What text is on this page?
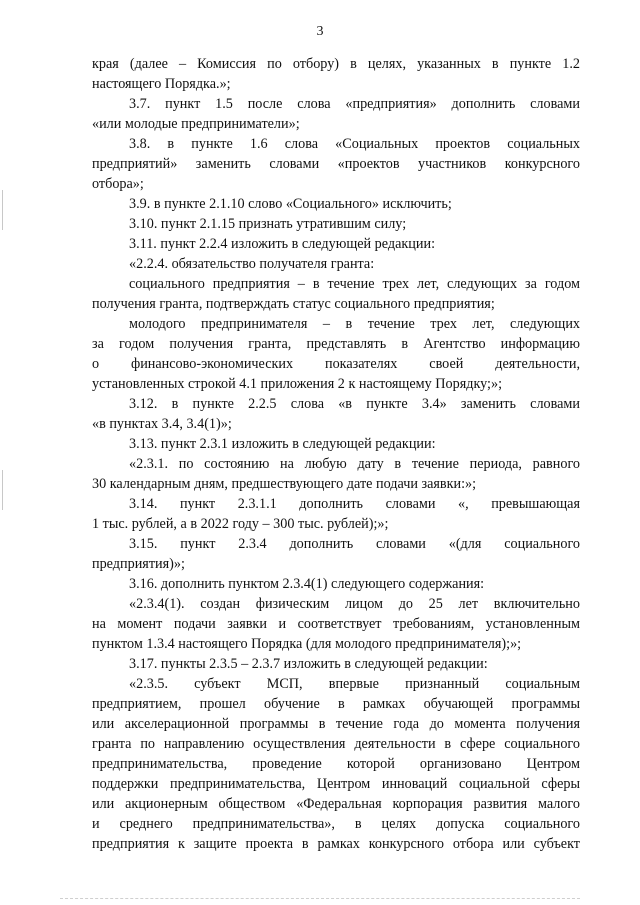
3
края (далее – Комиссия по отбору) в целях, указанных в пункте 1.2
настоящего Порядка.»;
3.7. пункт 1.5 после слова «предприятия» дополнить словами
«или молодые предприниматели»;
3.8. в пункте 1.6 слова «Социальных проектов социальных
предприятий» заменить словами «проектов участников конкурсного
отбора»;
3.9. в пункте 2.1.10 слово «Социального» исключить;
3.10. пункт 2.1.15 признать утратившим силу;
3.11. пункт 2.2.4 изложить в следующей редакции:
«2.2.4. обязательство получателя гранта:
социального предприятия – в течение трех лет, следующих за годом
получения гранта, подтверждать статус социального предприятия;
молодого предпринимателя – в течение трех лет, следующих
за годом получения гранта, представлять в Агентство информацию
о финансово-экономических показателях своей деятельности,
установленных строкой 4.1 приложения 2 к настоящему Порядку;»;
3.12. в пункте 2.2.5 слова «в пункте 3.4» заменить словами
«в пунктах 3.4, 3.4(1)»;
3.13. пункт 2.3.1 изложить в следующей редакции:
«2.3.1. по состоянию на любую дату в течение периода, равного
30 календарным дням, предшествующего дате подачи заявки:»;
3.14. пункт 2.3.1.1 дополнить словами «, превышающая
1 тыс. рублей, а в 2022 году – 300 тыс. рублей);»;
3.15. пункт 2.3.4 дополнить словами «(для социального
предприятия)»;
3.16. дополнить пунктом 2.3.4(1) следующего содержания:
«2.3.4(1). создан физическим лицом до 25 лет включительно
на момент подачи заявки и соответствует требованиям, установленным
пунктом 1.3.4 настоящего Порядка (для молодого предпринимателя);»;
3.17. пункты 2.3.5 – 2.3.7 изложить в следующей редакции:
«2.3.5. субъект МСП, впервые признанный социальным
предприятием, прошел обучение в рамках обучающей программы
или акселерационной программы в течение года до момента получения
гранта по направлению осуществления деятельности в сфере социального
предпринимательства, проведение которой организовано Центром
поддержки предпринимательства, Центром инноваций социальной сферы
или акционерным обществом «Федеральная корпорация развития малого
и среднего предпринимательства», в целях допуска социального
предприятия к защите проекта в рамках конкурсного отбора или субъект
